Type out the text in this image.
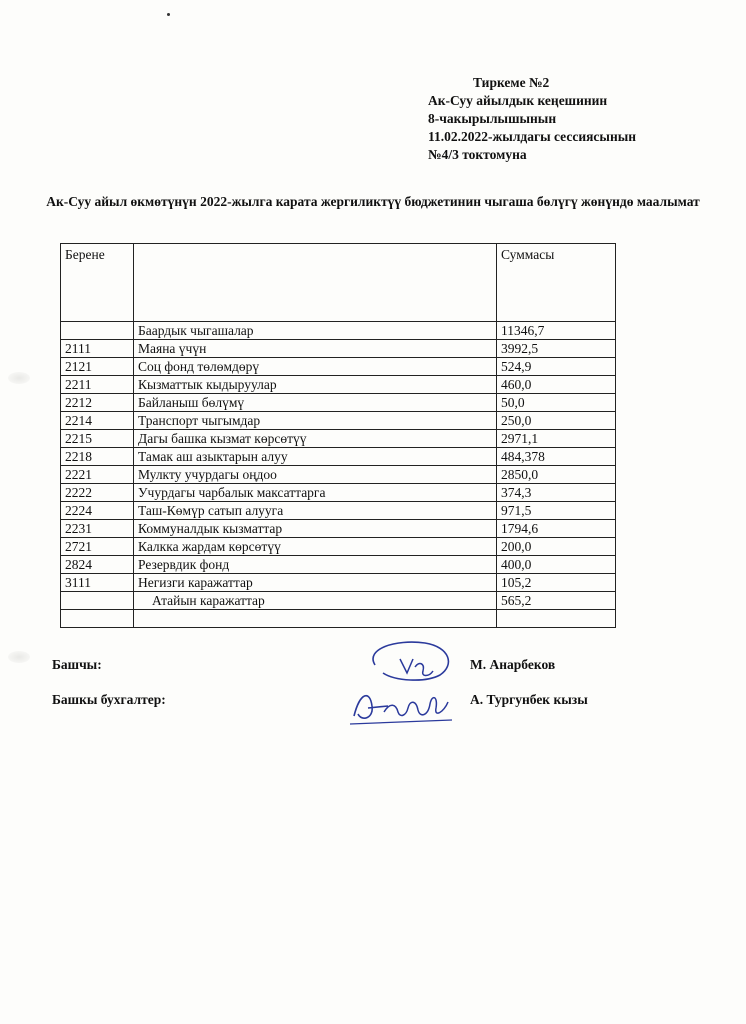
Тиркеме №2
Ак-Суу айылдык кеңешинин
8-чакырылышынын
11.02.2022-жылдагы сессиясынын
№4/3 токтомуна
Ак-Суу айыл өкмөтүнүн 2022-жылга карата жергиликтүү бюджетинин чыгаша бөлүгү жөнүндө маалымат
Берене		Суммасы
	Баардык чыгашалар	11346,7
2111	Маяна үчүн	3992,5
2121	Соц фонд төлөмдөрү	524,9
2211	Кызматтык кыдыруулар	460,0
2212	Байланыш бөлүмү	50,0
2214	Транспорт чыгымдар	250,0
2215	Дагы башка кызмат көрсөтүү	2971,1
2218	Тамак аш азыктарын алуу	484,378
2221	Мулкту учурдагы оңдоо	2850,0
2222	Учурдагы чарбалык максаттарга	374,3
2224	Таш-Көмүр сатып алууга	971,5
2231	Коммуналдык кызматтар	1794,6
2721	Калкка жардам көрсөтүү	200,0
2824	Резервдик фонд	400,0
3111	Негизги каражаттар	105,2
	Атайын каражаттар	565,2

Башчы:	М. Анарбеков
Башкы бухгалтер:	А. Тургунбек кызы
